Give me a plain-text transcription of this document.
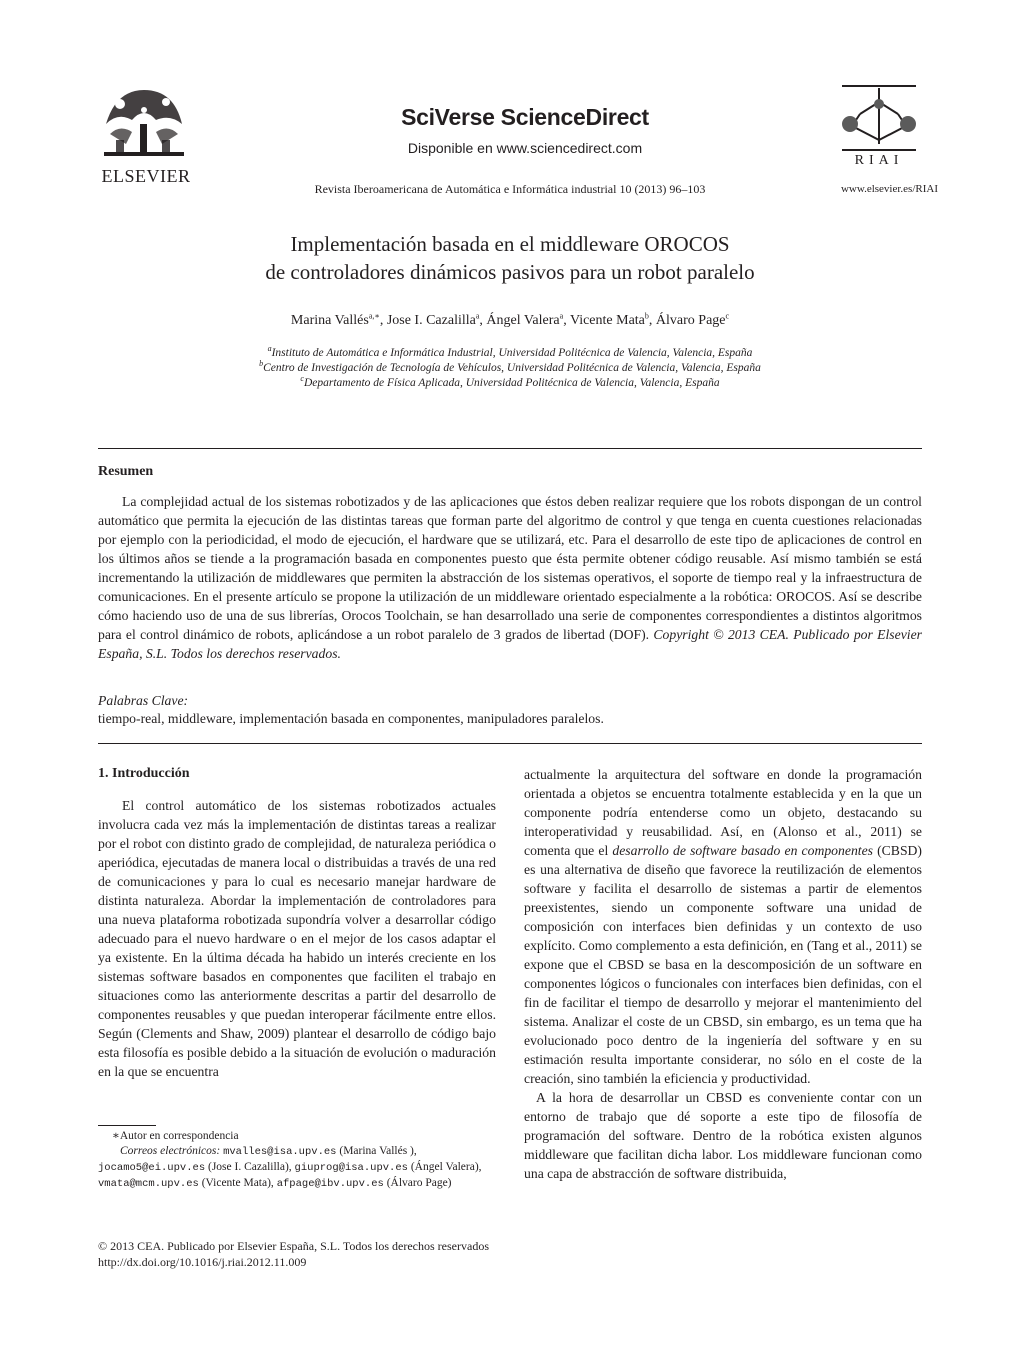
ELSEVIER
SciVerse ScienceDirect
Disponible en www.sciencedirect.com
Revista Iberoamericana de Automática e Informática industrial 10 (2013) 96–103
RIAI
www.elsevier.es/RIAI
Implementación basada en el middleware OROCOS
de controladores dinámicos pasivos para un robot paralelo
Marina Vallés$^{a,∗}$, Jose I. Cazalilla$^a$, Ángel Valera$^a$, Vicente Mata$^b$, Álvaro Page$^c$
$^a$Instituto de Automática e Informática Industrial, Universidad Politécnica de Valencia, Valencia, España
$^b$Centro de Investigación de Tecnología de Vehículos, Universidad Politécnica de Valencia, Valencia, España
$^c$Departamento de Física Aplicada, Universidad Politécnica de Valencia, Valencia, España
Resumen
La complejidad actual de los sistemas robotizados y de las aplicaciones que éstos deben realizar requiere que los robots dispongan de un control automático que permita la ejecución de las distintas tareas que forman parte del algoritmo de control y que tenga en cuenta cuestiones relacionadas por ejemplo con la periodicidad, el modo de ejecución, el hardware que se utilizará, etc. Para el desarrollo de este tipo de aplicaciones de control en los últimos años se tiende a la programación basada en componentes puesto que ésta permite obtener código reusable. Así mismo también se está incrementando la utilización de middlewares que permiten la abstracción de los sistemas operativos, el soporte de tiempo real y la infraestructura de comunicaciones. En el presente artículo se propone la utilización de un middleware orientado especialmente a la robótica: OROCOS. Así se describe cómo haciendo uso de una de sus librerías, Orocos Toolchain, se han desarrollado una serie de componentes correspondientes a distintos algoritmos para el control dinámico de robots, aplicándose a un robot paralelo de 3 grados de libertad (DOF). Copyright © 2013 CEA. Publicado por Elsevier España, S.L. Todos los derechos reservados.
Palabras Clave:
tiempo-real, middleware, implementación basada en componentes, manipuladores paralelos.
1. Introducción
El control automático de los sistemas robotizados actuales involucra cada vez más la implementación de distintas tareas a realizar por el robot con distinto grado de complejidad, de naturaleza periódica o aperiódica, ejecutadas de manera local o distribuidas a través de una red de comunicaciones y para lo cual es necesario manejar hardware de distinta naturaleza. Abordar la implementación de controladores para una nueva plataforma robotizada supondría volver a desarrollar código adecuado para el nuevo hardware o en el mejor de los casos adaptar el ya existente. En la última década ha habido un interés creciente en los sistemas software basados en componentes que faciliten el trabajo en situaciones como las anteriormente descritas a partir del desarrollo de componentes reusables y que puedan interoperar fácilmente entre ellos. Según (Clements and Shaw, 2009) plantear el desarrollo de código bajo esta filosofía es posible debido a la situación de evolución o maduración en la que se encuentra
actualmente la arquitectura del software en donde la programación orientada a objetos se encuentra totalmente establecida y en la que un componente podría entenderse como un objeto, destacando su interoperatividad y reusabilidad. Así, en (Alonso et al., 2011) se comenta que el desarrollo de software basado en componentes (CBSD) es una alternativa de diseño que favorece la reutilización de elementos software y facilita el desarrollo de sistemas a partir de elementos preexistentes, siendo un componente software una unidad de composición con interfaces bien definidas y un contexto de uso explícito. Como complemento a esta definición, en (Tang et al., 2011) se expone que el CBSD se basa en la descomposición de un software en componentes lógicos o funcionales con interfaces bien definidas, con el fin de facilitar el tiempo de desarrollo y mejorar el mantenimiento del sistema. Analizar el coste de un CBSD, sin embargo, es un tema que ha evolucionado poco dentro de la ingeniería del software y en su estimación resulta importante considerar, no sólo en el coste de la creación, sino también la eficiencia y productividad.
A la hora de desarrollar un CBSD es conveniente contar con un entorno de trabajo que dé soporte a este tipo de filosofía de programación del software. Dentro de la robótica existen algunos middleware que facilitan dicha labor. Los middleware funcionan como una capa de abstracción de software distribuida,
∗Autor en correspondencia
Correos electrónicos: mvalles@isa.upv.es (Marina Vallés ),
jocamo5@ei.upv.es (Jose I. Cazalilla), giuprog@isa.upv.es (Ángel Valera), vmata@mcm.upv.es (Vicente Mata), afpage@ibv.upv.es (Álvaro Page)
© 2013 CEA. Publicado por Elsevier España, S.L. Todos los derechos reservados
http://dx.doi.org/10.1016/j.riai.2012.11.009
